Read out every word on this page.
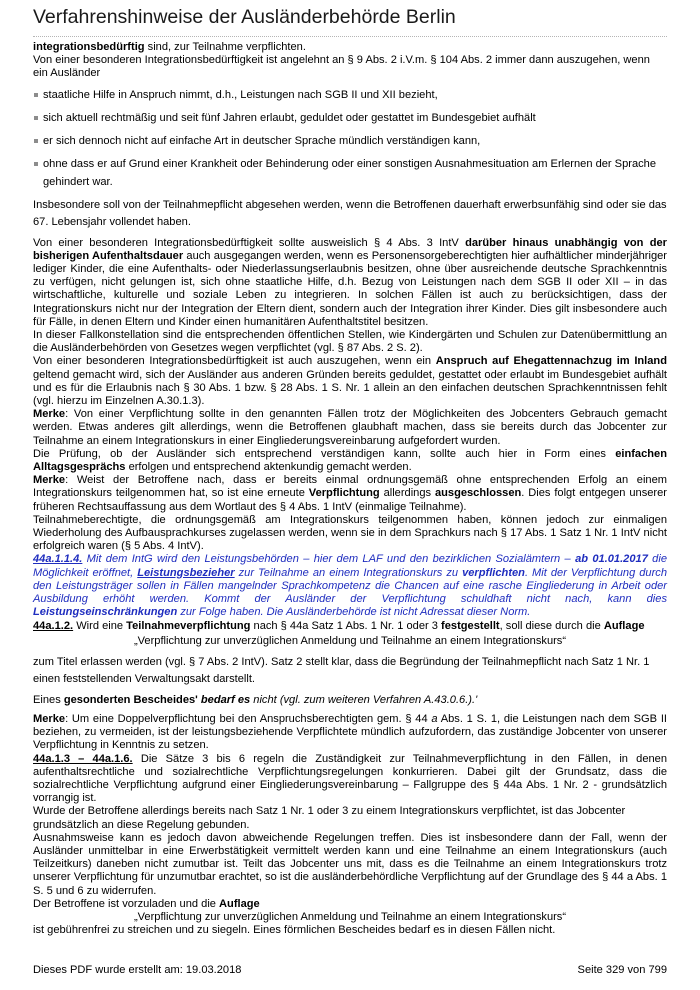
Verfahrenshinweise der Ausländerbehörde Berlin

integrationsbedürftig sind, zur Teilnahme verpflichten.

Von einer besonderen Integrationsbedürftigkeit ist angelehnt an § 9 Abs. 2 i.V.m. § 104 Abs. 2 immer dann auszugehen, wenn ein Ausländer

staatliche Hilfe in Anspruch nimmt, d.h., Leistungen nach SGB II und XII bezieht,
sich aktuell rechtmäßig und seit fünf Jahren erlaubt, geduldet oder gestattet im Bundesgebiet aufhält
er sich dennoch nicht auf einfache Art in deutscher Sprache mündlich verständigen kann,
ohne dass er auf Grund einer Krankheit oder Behinderung oder einer sonstigen Ausnahmesituation am Erlernen der Sprache gehindert war.

Insbesondere soll von der Teilnahmepflicht abgesehen werden, wenn die Betroffenen dauerhaft erwerbsunfähig sind oder sie das 67. Lebensjahr vollendet haben.

Von einer besonderen Integrationsbedürftigkeit sollte ausweislich § 4 Abs. 3 IntV darüber hinaus unabhängig von der bisherigen Aufenthaltsdauer auch ausgegangen werden, wenn es Personensorgeberechtigten hier aufhältlicher minderjähriger lediger Kinder, die eine Aufenthalts- oder Niederlassungserlaubnis besitzen, ohne über ausreichende deutsche Sprachkenntnis zu verfügen, nicht gelungen ist, sich ohne staatliche Hilfe, d.h. Bezug von Leistungen nach dem SGB II oder XII – in das wirtschaftliche, kulturelle und soziale Leben zu integrieren. In solchen Fällen ist auch zu berücksichtigen, dass der Integrationskurs nicht nur der Integration der Eltern dient, sondern auch der Integration ihrer Kinder. Dies gilt insbesondere auch für Fälle, in denen Eltern und Kinder einen humanitären Aufenthaltstitel besitzen.

In dieser Fallkonstellation sind die entsprechenden öffentlichen Stellen, wie Kindergärten und Schulen zur Datenübermittlung an die Ausländerbehörden von Gesetzes wegen verpflichtet (vgl. § 87 Abs. 2 S. 2).

Von einer besonderen Integrationsbedürftigkeit ist auch auszugehen, wenn ein Anspruch auf Ehegattennachzug im Inland geltend gemacht wird, sich der Ausländer aus anderen Gründen bereits geduldet, gestattet oder erlaubt im Bundesgebiet aufhält und es für die Erlaubnis nach § 30 Abs. 1 bzw. § 28 Abs. 1 S. Nr. 1 allein an den einfachen deutschen Sprachkenntnissen fehlt (vgl. hierzu im Einzelnen A.30.1.3).

Merke: Von einer Verpflichtung sollte in den genannten Fällen trotz der Möglichkeiten des Jobcenters Gebrauch gemacht werden. Etwas anderes gilt allerdings, wenn die Betroffenen glaubhaft machen, dass sie bereits durch das Jobcenter zur Teilnahme an einem Integrationskurs in einer Eingliederungsvereinbarung aufgefordert wurden.

Die Prüfung, ob der Ausländer sich entsprechend verständigen kann, sollte auch hier in Form eines einfachen Alltagsgesprächs erfolgen und entsprechend aktenkundig gemacht werden.

Merke: Weist der Betroffene nach, dass er bereits einmal ordnungsgemäß ohne entsprechenden Erfolg an einem Integrationskurs teilgenommen hat, so ist eine erneute Verpflichtung allerdings ausgeschlossen. Dies folgt entgegen unserer früheren Rechtsauffassung aus dem Wortlaut des § 4 Abs. 1 IntV (einmalige Teilnahme).

Teilnahmeberechtigte, die ordnungsgemäß am Integrationskurs teilgenommen haben, können jedoch zur einmaligen Wiederholung des Aufbausprachkurses zugelassen werden, wenn sie in dem Sprachkurs nach § 17 Abs. 1 Satz 1 Nr. 1 IntV nicht erfolgreich waren (§ 5 Abs. 4 IntV).

44a.1.1.4. Mit dem IntG wird den Leistungsbehörden – hier dem LAF und den bezirklichen Sozialämtern – ab 01.01.2017 die Möglichkeit eröffnet, Leistungsbezieher zur Teilnahme an einem Integrationskurs zu verpflichten. Mit der Verpflichtung durch den Leistungsträger sollen in Fällen mangelnder Sprachkompetenz die Chancen auf eine rasche Eingliederung in Arbeit oder Ausbildung erhöht werden. Kommt der Ausländer der Verpflichtung schuldhaft nicht nach, kann dies Leistungseinschränkungen zur Folge haben. Die Ausländerbehörde ist nicht Adressat dieser Norm.

44a.1.2. Wird eine Teilnahmeverpflichtung nach § 44a Satz 1 Abs. 1 Nr. 1 oder 3 festgestellt, soll diese durch die Auflage

„Verpflichtung zur unverzüglichen Anmeldung und Teilnahme an einem Integrationskurs“

zum Titel erlassen werden (vgl. § 7 Abs. 2 IntV). Satz 2 stellt klar, dass die Begründung der Teilnahmepflicht nach Satz 1 Nr. 1 einen feststellenden Verwaltungsakt darstellt.

Eines gesonderten Bescheides' bedarf es nicht (vgl. zum weiteren Verfahren A.43.0.6.).'

Merke: Um eine Doppelverpflichtung bei den Anspruchsberechtigten gem. § 44 a Abs. 1 S. 1, die Leistungen nach dem SGB II beziehen, zu vermeiden, ist der leistungsbeziehende Verpflichtete mündlich aufzufordern, das zuständige Jobcenter von unserer Verpflichtung in Kenntnis zu setzen.

44a.1.3 – 44a.1.6. Die Sätze 3 bis 6 regeln die Zuständigkeit zur Teilnahmeverpflichtung in den Fällen, in denen aufenthaltsrechtliche und sozialrechtliche Verpflichtungsregelungen konkurrieren. Dabei gilt der Grundsatz, dass die sozialrechtliche Verpflichtung aufgrund einer Eingliederungsvereinbarung – Fallgruppe des § 44a Abs. 1 Nr. 2 - grundsätzlich vorrangig ist.

Wurde der Betroffene allerdings bereits nach Satz 1 Nr. 1 oder 3 zu einem Integrationskurs verpflichtet, ist das Jobcenter grundsätzlich an diese Regelung gebunden.

Ausnahmsweise kann es jedoch davon abweichende Regelungen treffen. Dies ist insbesondere dann der Fall, wenn der Ausländer unmittelbar in eine Erwerbstätigkeit vermittelt werden kann und eine Teilnahme an einem Integrationskurs (auch Teilzeitkurs) daneben nicht zumutbar ist. Teilt das Jobcenter uns mit, dass es die Teilnahme an einem Integrationskurs trotz unserer Verpflichtung für unzumutbar erachtet, so ist die ausländerbehördliche Verpflichtung auf der Grundlage des § 44 a Abs. 1 S. 5 und 6 zu widerrufen.

Der Betroffene ist vorzuladen und die Auflage

„Verpflichtung zur unverzüglichen Anmeldung und Teilnahme an einem Integrationskurs“

ist gebührenfrei zu streichen und zu siegeln. Eines förmlichen Bescheides bedarf es in diesen Fällen nicht.

Dieses PDF wurde erstellt am: 19.03.2018	Seite 329 von 799
